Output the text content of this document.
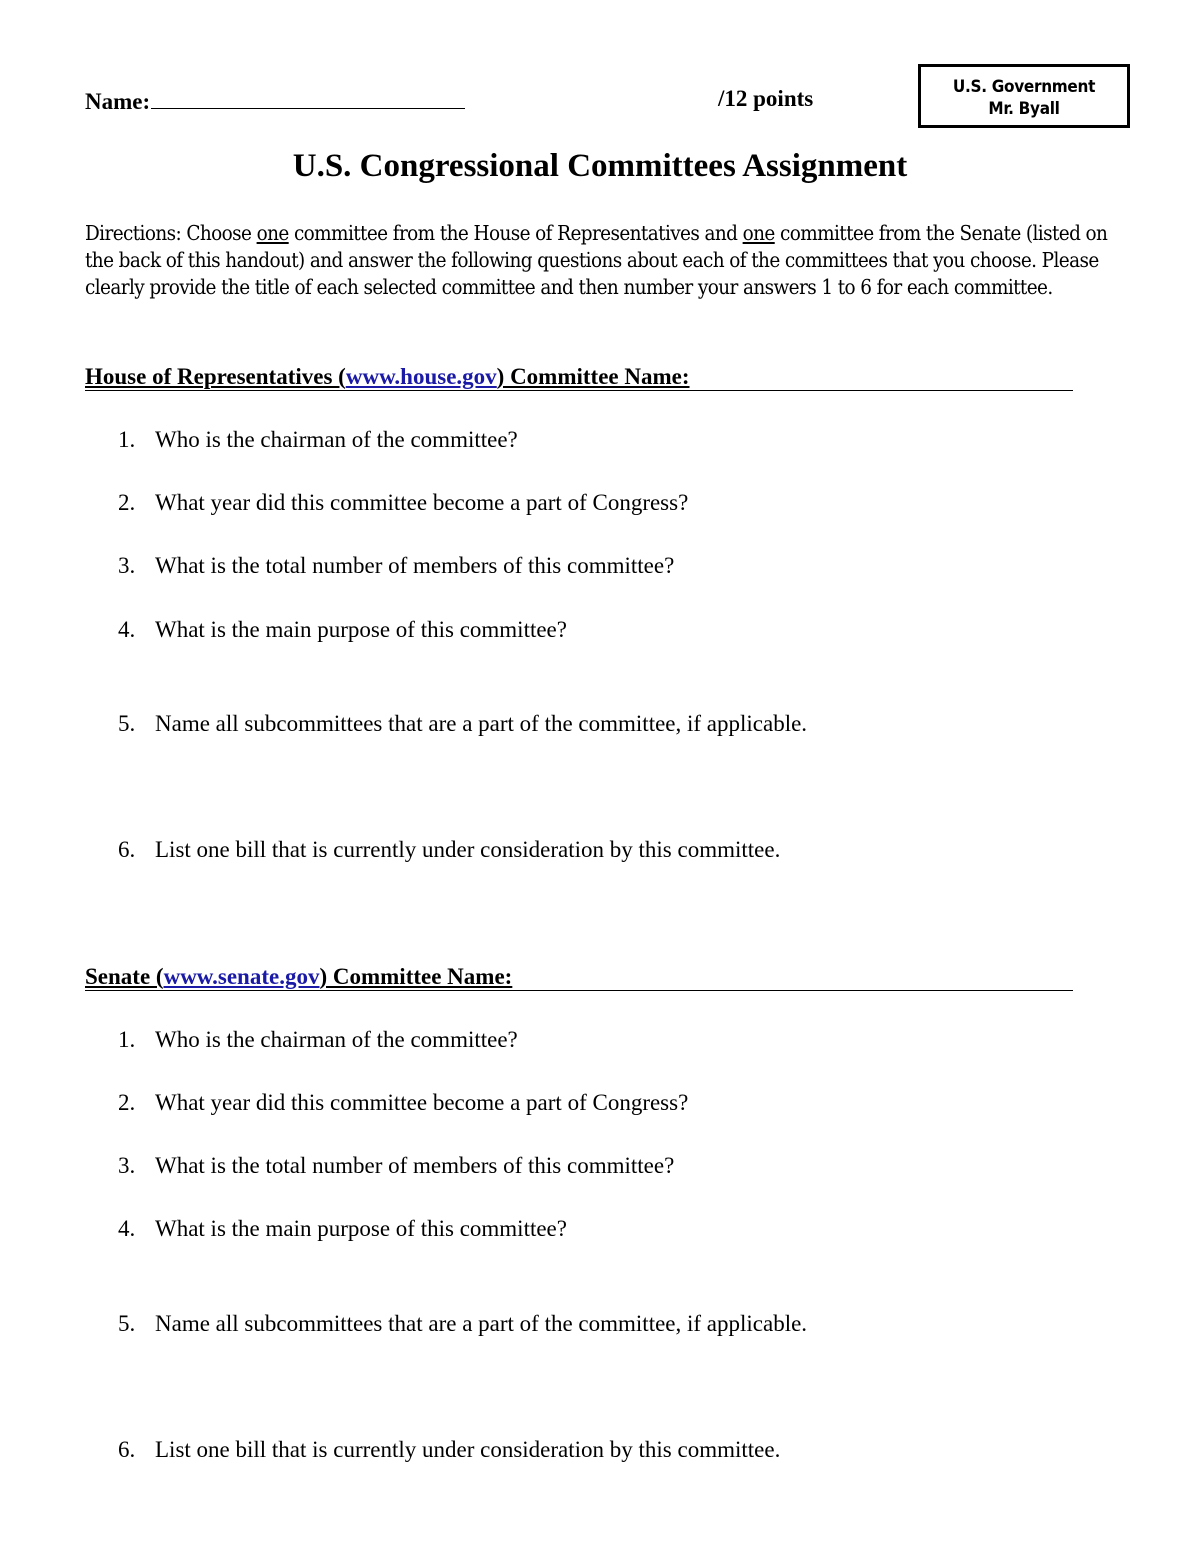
Name:	/12 points	U.S. Government
Mr. Byall
U.S. Congressional Committees Assignment
Directions: Choose one committee from the House of Representatives and one committee from the Senate (listed on the back of this handout) and answer the following questions about each of the committees that you choose. Please clearly provide the title of each selected committee and then number your answers 1 to 6 for each committee.
House of Representatives (www.house.gov) Committee Name:
1. Who is the chairman of the committee?
2. What year did this committee become a part of Congress?
3. What is the total number of members of this committee?
4. What is the main purpose of this committee?
5. Name all subcommittees that are a part of the committee, if applicable.
6. List one bill that is currently under consideration by this committee.
Senate (www.senate.gov) Committee Name:
1. Who is the chairman of the committee?
2. What year did this committee become a part of Congress?
3. What is the total number of members of this committee?
4. What is the main purpose of this committee?
5. Name all subcommittees that are a part of the committee, if applicable.
6. List one bill that is currently under consideration by this committee.
